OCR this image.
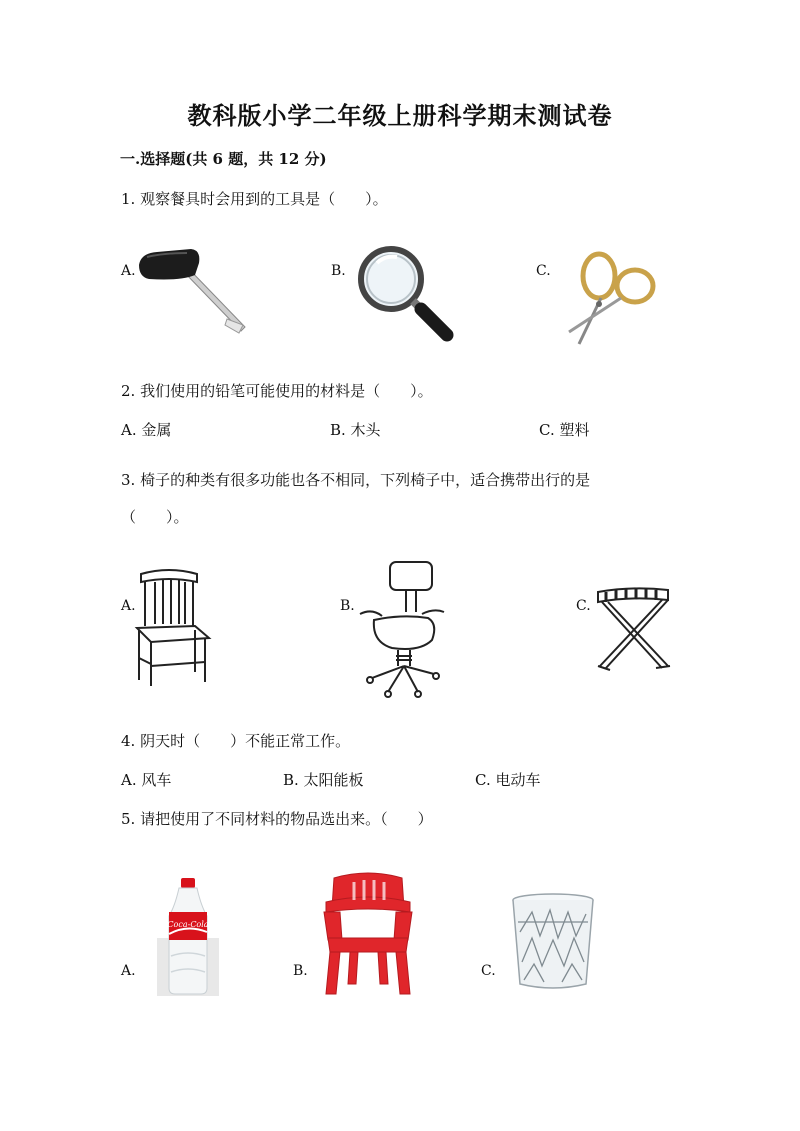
教科版小学二年级上册科学期末测试卷
一.选择题(共 6 题，共 12 分)
1. 观察餐具时会用到的工具是（　　）。
A.	B.	C.
2. 我们使用的铅笔可能使用的材料是（　　）。
A. 金属	B. 木头	C. 塑料
3. 椅子的种类有很多功能也各不相同，下列椅子中，适合携带出行的是
（　　）。
A.	B.	C.
4. 阴天时（　　）不能正常工作。
A. 风车	B. 太阳能板	C. 电动车
5. 请把使用了不同材料的物品选出来。（　　）
A.
Coca-Cola
B.	C.
